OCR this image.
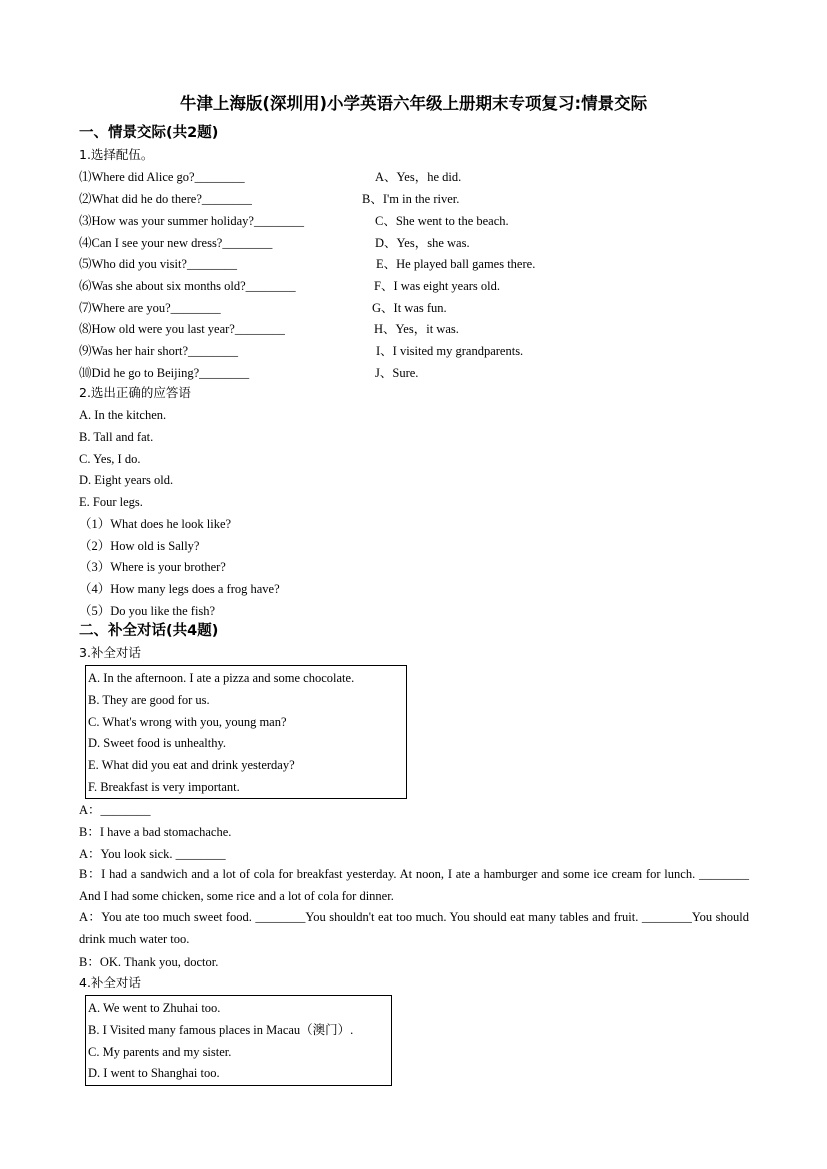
牛津上海版(深圳用)小学英语六年级上册期末专项复习:情景交际
一、情景交际(共2题)
1.选择配伍。
⑴Where did Alice go?________
⑵What did he do there?________
⑶How was your summer holiday?________
⑷Can I see your new dress?________
⑸Who did you visit?________
⑹Was she about six months old?________
⑺Where are you?________
⑻How old were you last year?________
⑼Was her hair short?________
⑽Did he go to Beijing?________
A、Yes，he did.
B、I'm in the river.
C、She went to the beach.
D、Yes，she was.
E、He played ball games there.
F、I was eight years old.
G、It was fun.
H、Yes，it was.
I、I visited my grandparents.
J、Sure.
2.选出正确的应答语
A. In the kitchen.
B. Tall and fat.
C. Yes, I do.
D. Eight years old.
E. Four legs.
（1）What does he look like?
（2）How old is Sally?
（3）Where is your brother?
（4）How many legs does a frog have?
（5）Do you like the fish?
二、补全对话(共4题)
3.补全对话
A. In the afternoon. I ate a pizza and some chocolate.
B. They are good for us.
C. What's wrong with you, young man?
D. Sweet food is unhealthy.
E. What did you eat and drink yesterday?
F. Breakfast is very important.
A：________
B：I have a bad stomachache.
A：You look sick. ________
B：I had a sandwich and a lot of cola for breakfast yesterday. At noon, I ate a hamburger and some ice cream for lunch. ________ And I had some chicken, some rice and a lot of cola for dinner.
A：You ate too much sweet food. ________You shouldn't eat too much. You should eat many tables and fruit. ________You should drink much water too.
B：OK. Thank you, doctor.
4.补全对话
A. We went to Zhuhai too.
B. I Visited many famous places in Macau（澳门）.
C. My parents and my sister.
D. I went to Shanghai too.
